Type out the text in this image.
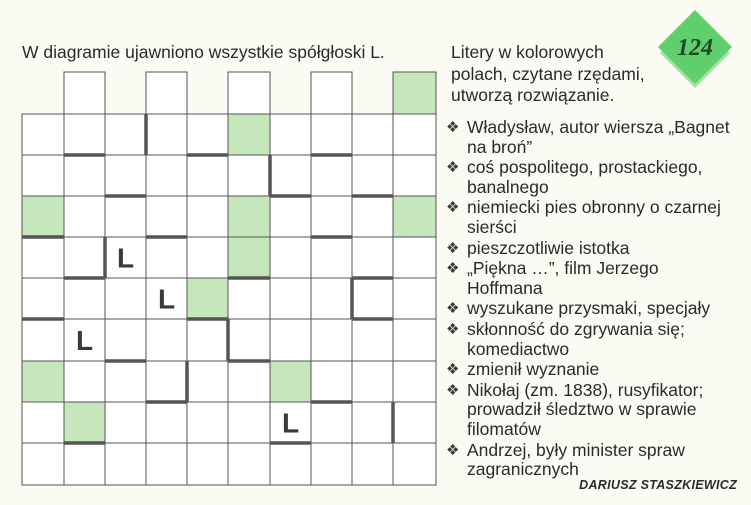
W diagramie ujawniono wszystkie spółgłoski L.	Litery w kolorowych polach, czytane rzędami, utworzą rozwiązanie.

L
L
L
L
124
❖ Władysław, autor wiersza „Bagnet na broń”
❖ coś pospolitego, prostackiego, banalnego
❖ niemiecki pies obronny o czarnej sierści
❖ pieszczotliwie istotka
❖ „Piękna …”, film Jerzego Hoffmana
❖ wyszukane przysmaki, specjały
❖ skłonność do zgrywania się; komediactwo
❖ zmienił wyznanie
❖ Nikołaj (zm. 1838), rusyfikator; prowadził śledztwo w sprawie filomatów
❖ Andrzej, były minister spraw zagranicznych
DARIUSZ STASZKIEWICZ
